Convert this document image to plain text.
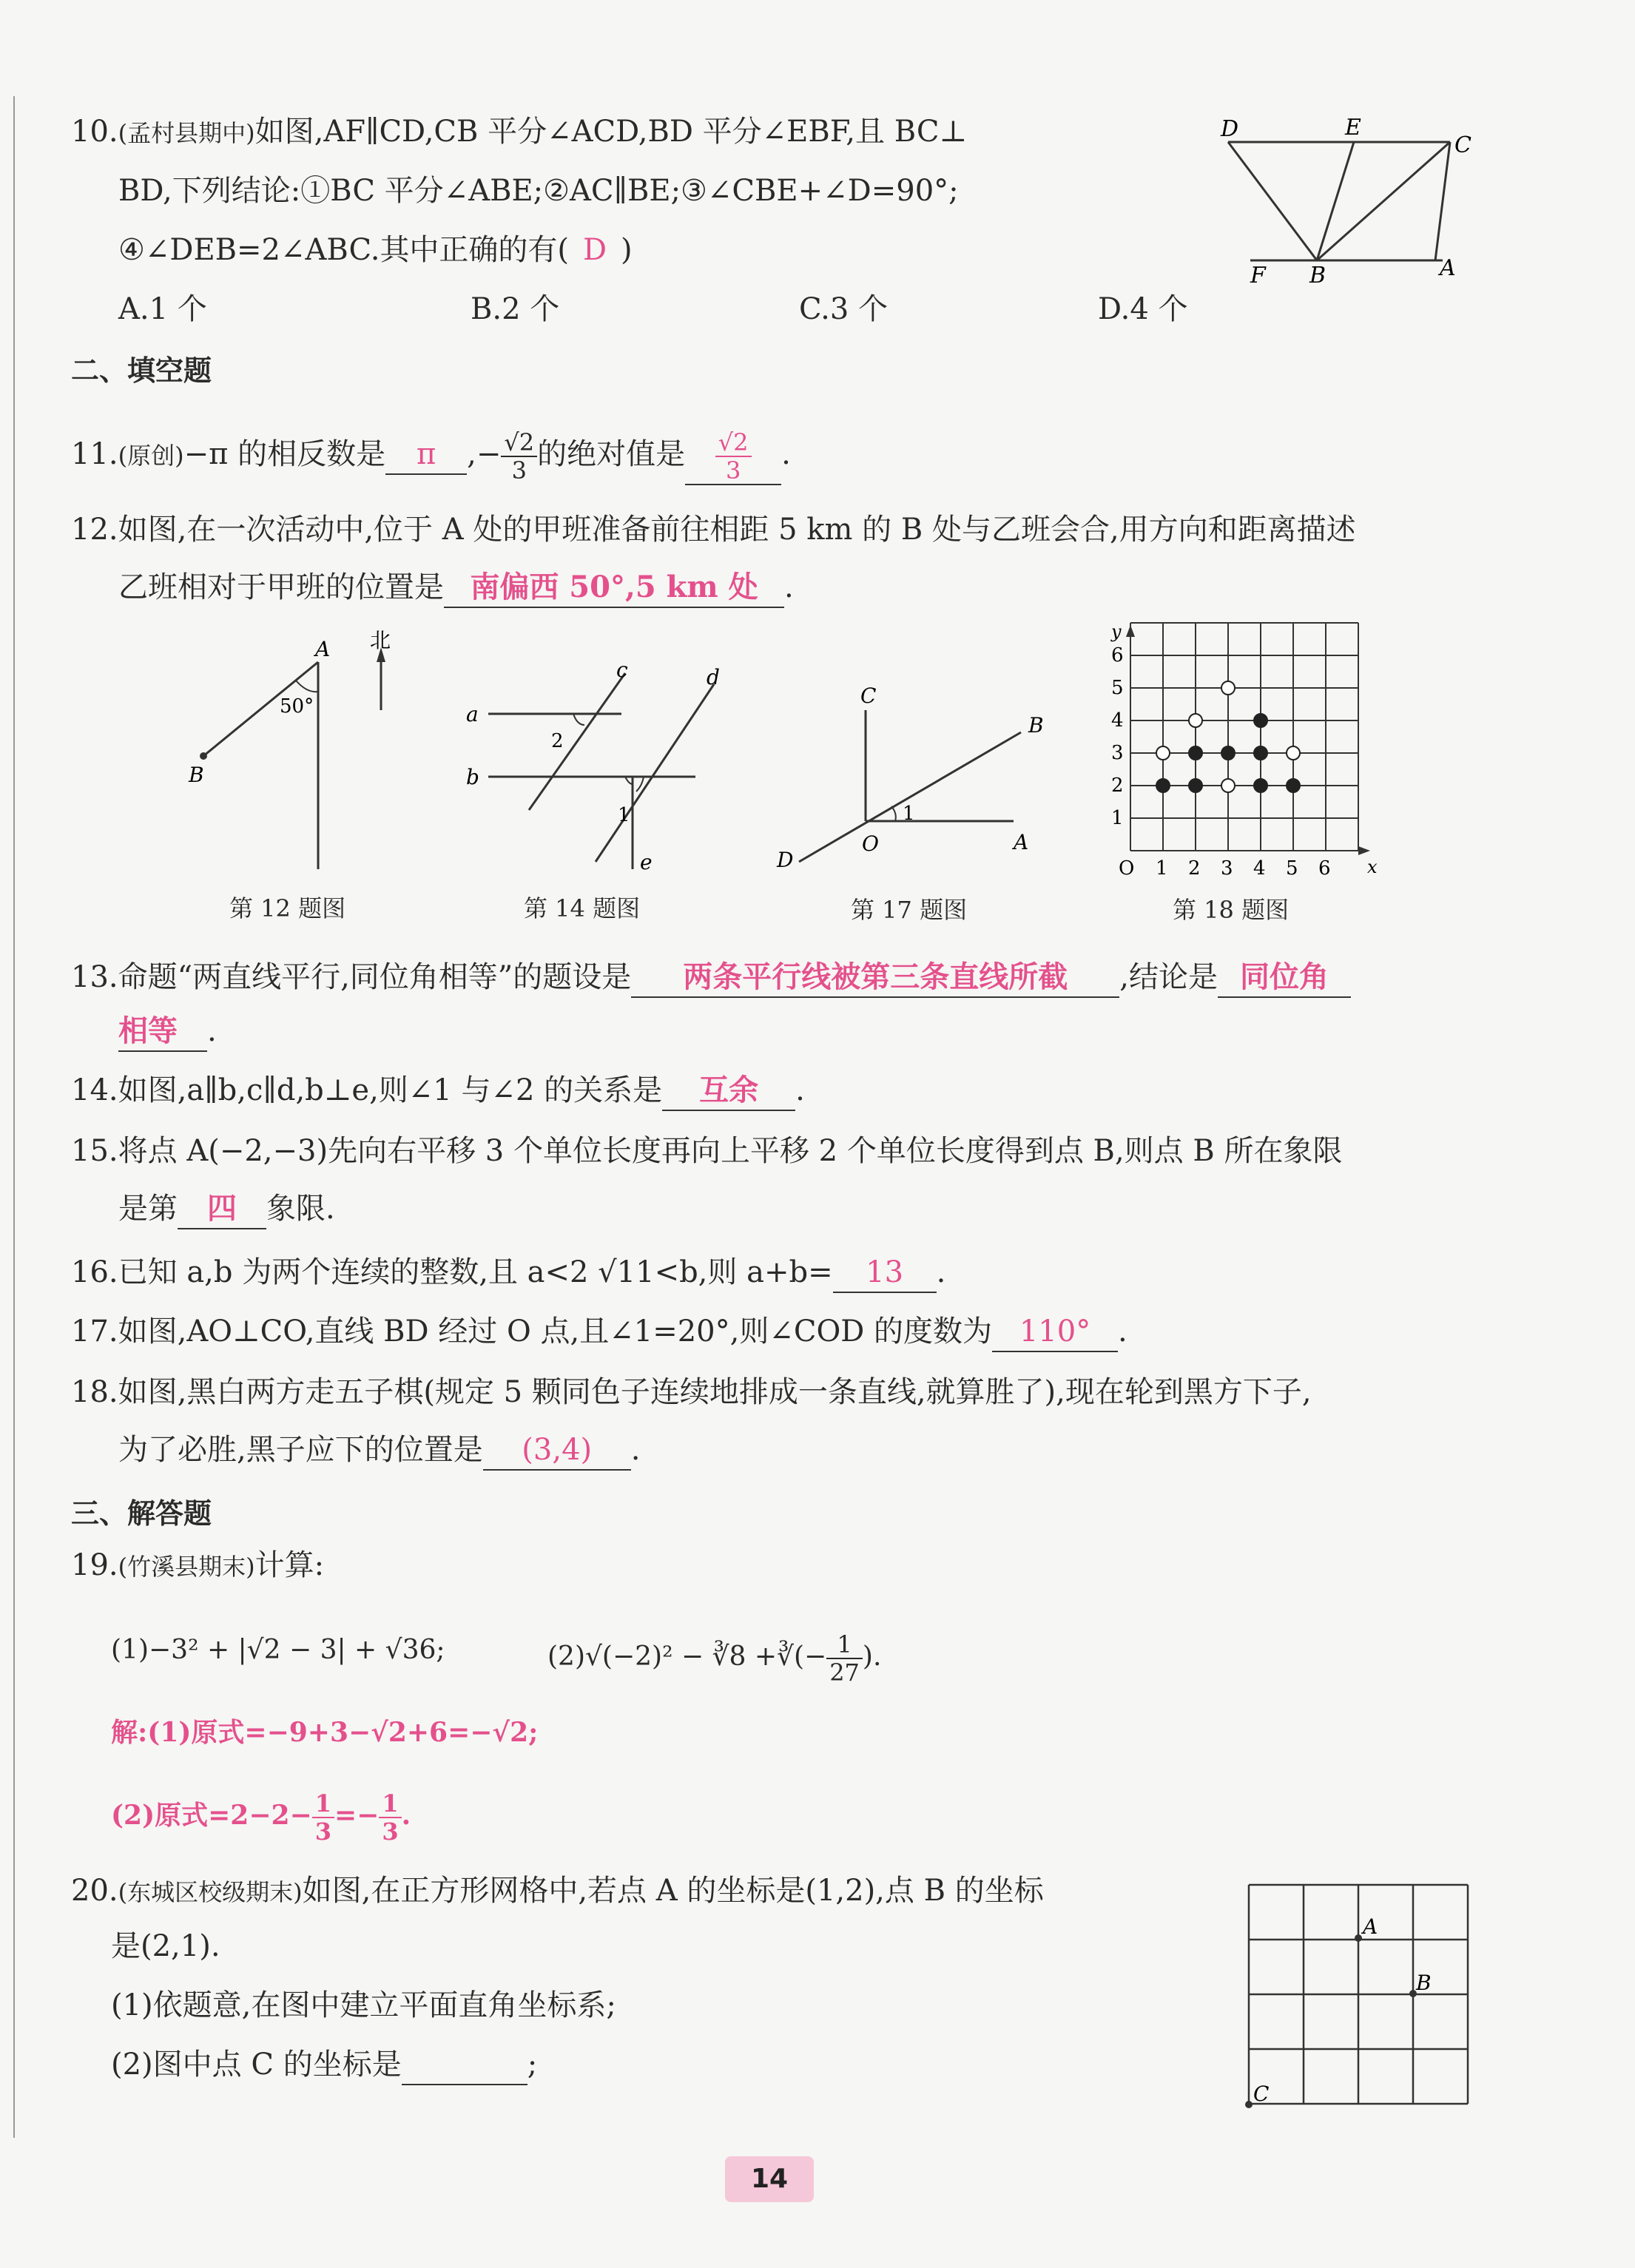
10.(孟村县期中)如图,AF∥CD,CB 平分∠ACD,BD 平分∠EBF,且 BC⊥
BD,下列结论:①BC 平分∠ABE;②AC∥BE;③∠CBE+∠D=90°;
④∠DEB=2∠ABC.其中正确的有( D )
A.1 个	B.2 个	C.3 个	D.4 个
D	E
C
F B	A
二、填空题
11.(原创)−π 的相反数是 π ,− $\frac{√2}{3}$ 的绝对值是 $\frac{√2}{3}$ .
12.如图,在一次活动中,位于 A 处的甲班准备前往相距 5 km 的 B 处与乙班会合,用方向和距离描述
乙班相对于甲班的位置是 南偏西 50°,5 km 处 .
A
B
50°
北
第 12 题图
a
b
c	d
e
1
2
第 14 题图
C
B
A
O
D
1
第 17 题图
x
y
O 1 2 3 4 5 6
1
2
3
4
5
6
第 18 题图
13.命题“两直线平行,同位角相等”的题设是 两条平行线被第三条直线所截 ,结论是 同位角
相等 .
14.如图,a∥b,c∥d,b⊥e,则∠1 与∠2 的关系是 互余 .
15.将点 A(−2,−3)先向右平移 3 个单位长度再向上平移 2 个单位长度得到点 B,则点 B 所在象限
是第 四 象限.
16.已知 a,b 为两个连续的整数,且 a<2 √11<b,则 a+b= 13 .
17.如图,AO⊥CO,直线 BD 经过 O 点,且∠1=20°,则∠COD 的度数为 110° .
18.如图,黑白两方走五子棋(规定 5 颗同色子连续地排成一条直线,就算胜了),现在轮到黑方下子,
为了必胜,黑子应下的位置是 (3,4) .
三、解答题
19.(竹溪县期末)计算:
(1)−3² + |√2 − 3| + √36;	(2)√(−2)² − ∛8 +∛(− $\frac{1}{27}$ ).
解:(1)原式=−9+3−√2+6=−√2;
(2)原式$=2-2- \frac{1}{3} =- \frac{1}{3}$ .
20.(东城区校级期末)如图,在正方形网格中,若点 A 的坐标是(1,2),点 B 的坐标
是(2,1).
(1)依题意,在图中建立平面直角坐标系;
(2)图中点 C 的坐标是	;
A
B
C
14
